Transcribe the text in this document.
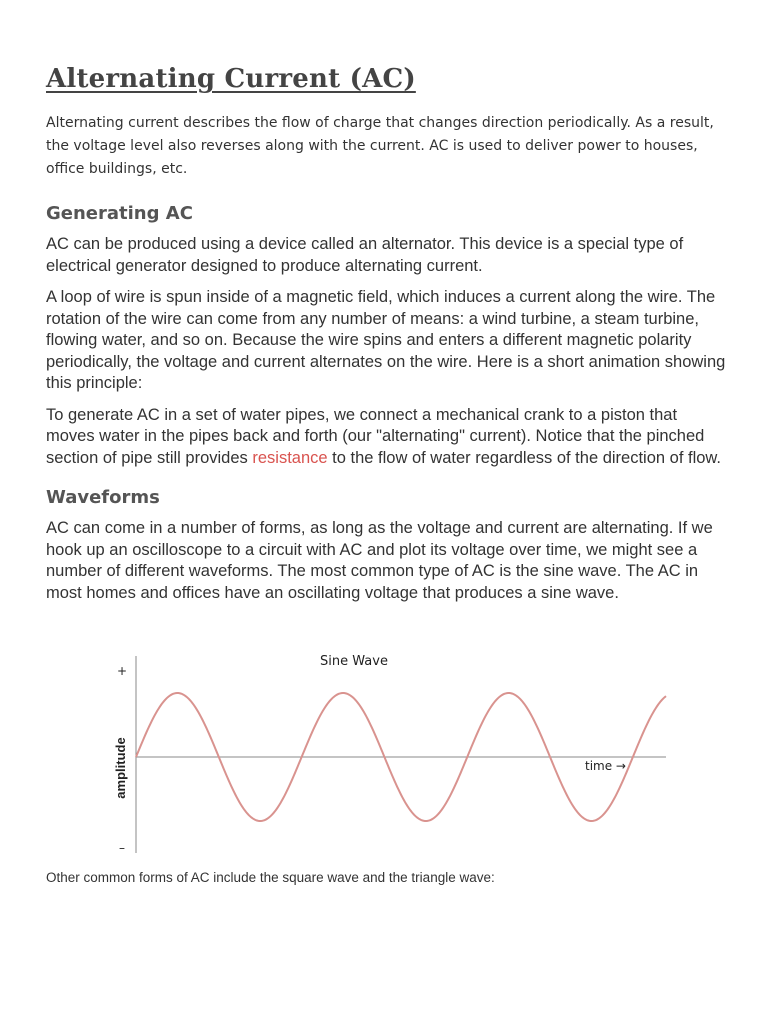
Alternating Current (AC)

Alternating current describes the flow of charge that changes direction periodically. As a result, the voltage level also reverses along with the current. AC is used to deliver power to houses, office buildings, etc.

Generating AC

AC can be produced using a device called an alternator. This device is a special type of electrical generator designed to produce alternating current.

A loop of wire is spun inside of a magnetic field, which induces a current along the wire. The rotation of the wire can come from any number of means: a wind turbine, a steam turbine, flowing water, and so on. Because the wire spins and enters a different magnetic polarity periodically, the voltage and current alternates on the wire. Here is a short animation showing this principle:

To generate AC in a set of water pipes, we connect a mechanical crank to a piston that moves water in the pipes back and forth (our "alternating" current). Notice that the pinched section of pipe still provides resistance to the flow of water regardless of the direction of flow.

Waveforms

AC can come in a number of forms, as long as the voltage and current are alternating. If we hook up an oscilloscope to a circuit with AC and plot its voltage over time, we might see a number of different waveforms. The most common type of AC is the sine wave. The AC in most homes and offices have an oscillating voltage that produces a sine wave.

Sine Wave
+
–
amplitude	time →
Other common forms of AC include the square wave and the triangle wave:
